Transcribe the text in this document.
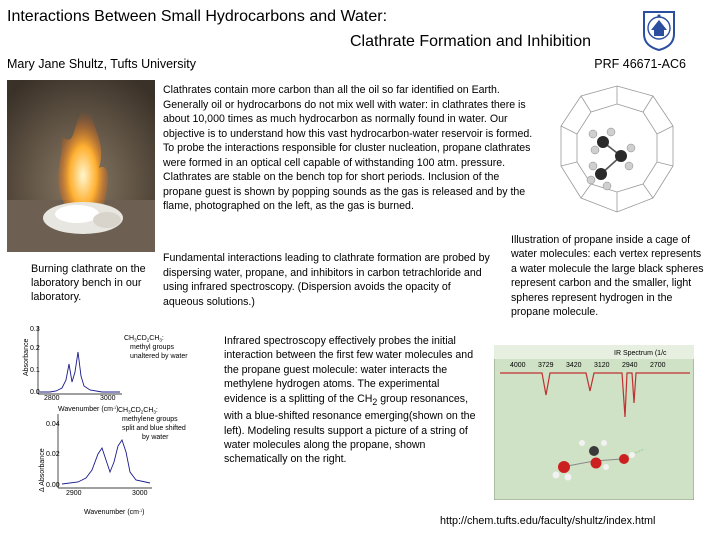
Interactions Between Small Hydrocarbons and Water:
Clathrate Formation and Inhibition
Mary Jane Shultz, Tufts University	PRF 46671-AC6
Clathrates contain more carbon than all the oil so far identified on Earth. Generally oil or hydrocarbons do not mix well with water: in clathrates there is about 10,000 times as much hydrocarbon as normally found in water. Our objective is to understand how this vast hydrocarbon-water reservoir is formed. To probe the interactions responsible for cluster nucleation, propane clathrates were formed in an optical cell capable of withstanding 100 atm. pressure. Clathrates are stable on the bench top for short periods. Inclusion of the propane guest is shown by popping sounds as the gas is released and by the flame, photographed on the left, as the gas is burned.
Burning clathrate on the laboratory bench in our laboratory.
Illustration of propane inside a cage of water molecules: each vertex represents a water molecule the large black spheres represent carbon and the smaller, light spheres represent hydrogen in the propane molecule.
Fundamental interactions leading to clathrate formation are probed by dispersing water, propane, and inhibitors in carbon tetrachloride and using infrared spectroscopy. (Dispersion avoids the opacity of aqueous solutions.)
0.3
0.2
0.1
0.0
2800	3000
Absorbance
$CH_3CD_2CH_3$:
methyl groups
unaltered by water
Wavenumber $(cm^{-1})$
0.04
0.02
0.00
2900	3000
Δ Absorbance
$CH_3CD_2CH_3$:
methylene groups
split and blue shifted
by water
Wavenumber $(cm^{-1})$
Infrared spectroscopy effectively probes the initial interaction between the first few water molecules and the propane guest molecule: water interacts the methylene hydrogen atoms. The experimental evidence is a splitting of the $CH_2$ group resonances, with a blue-shifted resonance emerging(shown on the left). Modeling results support a picture of a string of water molecules along the propane, shown schematically on the right.
IR Spectrum (1/c
4000 3729 3420 3120 2940 2700
http://chem.tufts.edu/faculty/shultz/index.html
